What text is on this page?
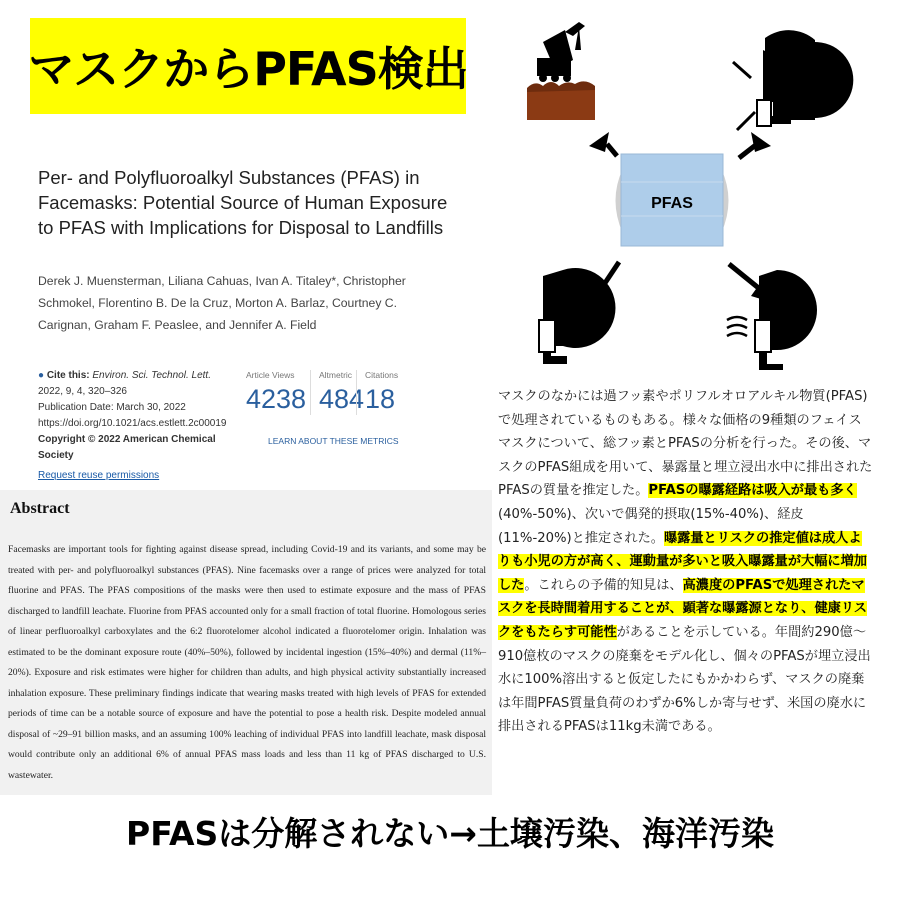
マスクからPFAS検出
Per- and Polyfluoroalkyl Substances (PFAS) in Facemasks: Potential Source of Human Exposure to PFAS with Implications for Disposal to Landfills
Derek J. Muensterman, Liliana Cahuas, Ivan A. Titaley*, Christopher Schmokel, Florentino B. De la Cruz, Morton A. Barlaz, Courtney C. Carignan, Graham F. Peaslee, and Jennifer A. Field
● Cite this: Environ. Sci. Technol. Lett. 2022, 9, 4, 320–326
Publication Date: March 30, 2022
https://doi.org/10.1021/acs.estlett.2c00019
Copyright © 2022 American Chemical Society
Request reuse permissions
Article Views
4238
Altmetric
484
Citations
18
LEARN ABOUT THESE METRICS
Abstract

Facemasks are important tools for fighting against disease spread, including Covid-19 and its variants, and some may be treated with per- and polyfluoroalkyl substances (PFAS). Nine facemasks over a range of prices were analyzed for total fluorine and PFAS. The PFAS compositions of the masks were then used to estimate exposure and the mass of PFAS discharged to landfill leachate. Fluorine from PFAS accounted only for a small fraction of total fluorine. Homologous series of linear perfluoroalkyl carboxylates and the 6:2 fluorotelomer alcohol indicated a fluorotelomer origin. Inhalation was estimated to be the dominant exposure route (40%–50%), followed by incidental ingestion (15%–40%) and dermal (11%–20%). Exposure and risk estimates were higher for children than adults, and high physical activity substantially increased inhalation exposure. These preliminary findings indicate that wearing masks treated with high levels of PFAS for extended periods of time can be a notable source of exposure and have the potential to pose a health risk. Despite modeled annual disposal of ~29–91 billion masks, and an assuming 100% leaching of individual PFAS into landfill leachate, mask disposal would contribute only an additional 6% of annual PFAS mass loads and less than 11 kg of PFAS discharged to U.S. wastewater.

PFAS
マスクのなかには過フッ素やポリフルオロアルキル物質(PFAS)で処理されているものもある。様々な価格の9種類のフェイスマスクについて、総フッ素とPFASの分析を行った。その後、マスクのPFAS組成を用いて、暴露量と埋立浸出水中に排出されたPFASの質量を推定した。PFASの曝露経路は吸入が最も多く(40%-50%)、次いで偶発的摂取(15%-40%)、経皮(11%-20%)と推定された。曝露量とリスクの推定値は成人よりも小児の方が高く、運動量が多いと吸入曝露量が大幅に増加した。これらの予備的知見は、高濃度のPFASで処理されたマスクを長時間着用することが、顕著な曝露源となり、健康リスクをもたらす可能性があることを示している。年間約290億～910億枚のマスクの廃棄をモデル化し、個々のPFASが埋立浸出水に100%溶出すると仮定したにもかかわらず、マスクの廃棄は年間PFAS質量負荷のわずか6%しか寄与せず、米国の廃水に排出されるPFASは11kg未満である。
PFASは分解されない→土壌汚染、海洋汚染
